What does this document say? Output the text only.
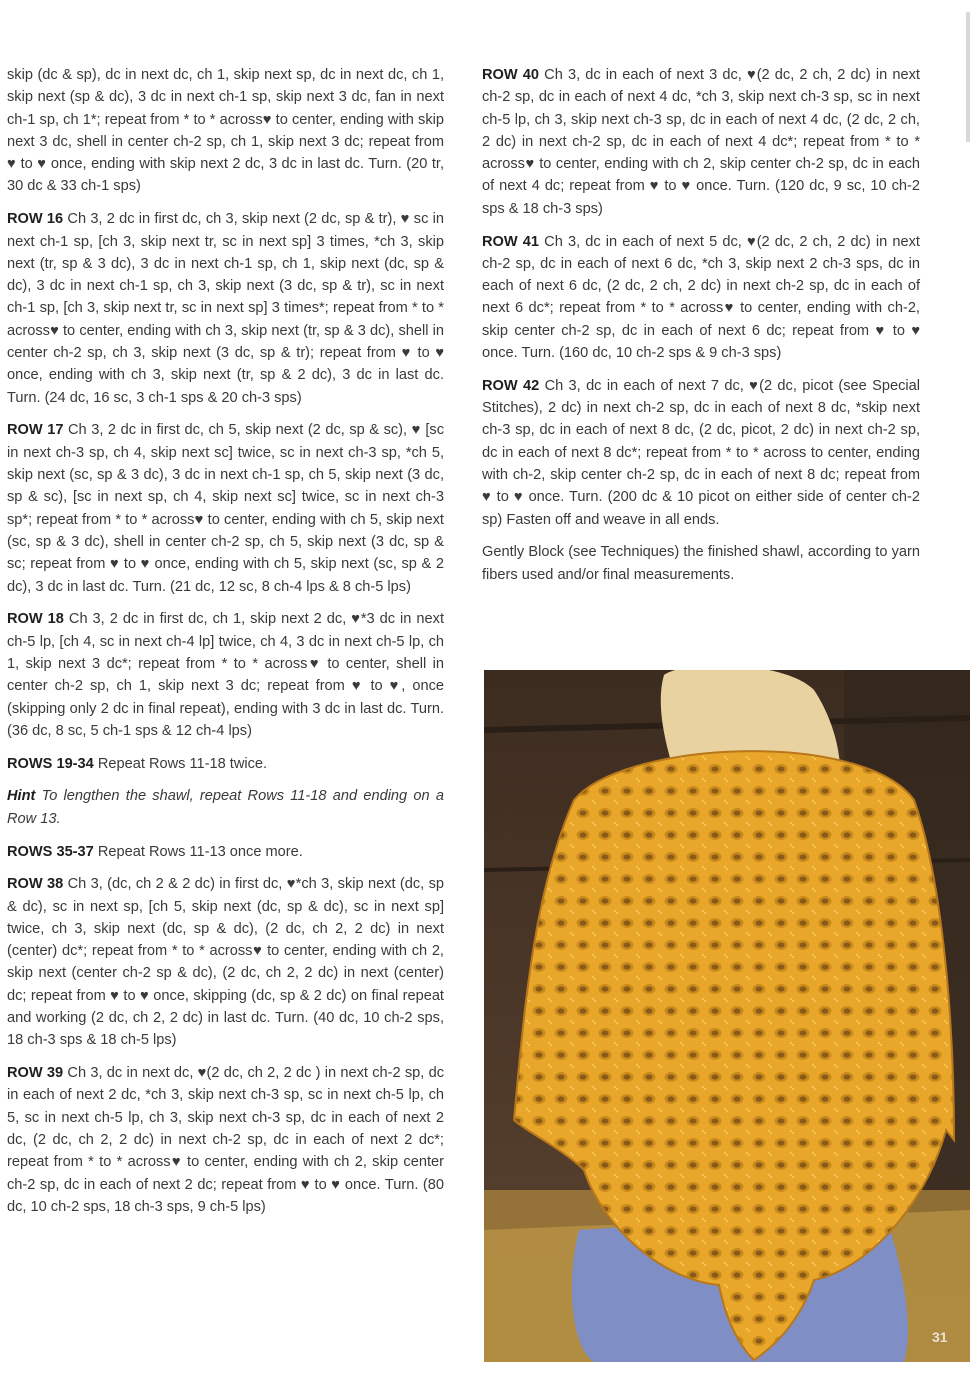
skip (dc & sp), dc in next dc, ch 1, skip next sp, dc in next dc, ch 1, skip next (sp & dc), 3 dc in next ch-1 sp, skip next 3 dc, fan in next ch-1 sp, ch 1*; repeat from * to * across♥ to center, ending with skip next 3 dc, shell in center ch-2 sp, ch 1, skip next 3 dc; repeat from ♥ to ♥ once, ending with skip next 2 dc, 3 dc in last dc. Turn. (20 tr, 30 dc & 33 ch-1 sps)

ROW 16 Ch 3, 2 dc in first dc, ch 3, skip next (2 dc, sp & tr), ♥ sc in next ch-1 sp, [ch 3, skip next tr, sc in next sp] 3 times, *ch 3, skip next (tr, sp & 3 dc), 3 dc in next ch-1 sp, ch 1, skip next (dc, sp & dc), 3 dc in next ch-1 sp, ch 3, skip next (3 dc, sp & tr), sc in next ch-1 sp, [ch 3, skip next tr, sc in next sp] 3 times*; repeat from * to * across♥ to center, ending with ch 3, skip next (tr, sp & 3 dc), shell in center ch-2 sp, ch 3, skip next (3 dc, sp & tr); repeat from ♥ to ♥ once, ending with ch 3, skip next (tr, sp & 2 dc), 3 dc in last dc. Turn. (24 dc, 16 sc, 3 ch-1 sps & 20 ch-3 sps)

ROW 17 Ch 3, 2 dc in first dc, ch 5, skip next (2 dc, sp & sc), ♥ [sc in next ch-3 sp, ch 4, skip next sc] twice, sc in next ch-3 sp, *ch 5, skip next (sc, sp & 3 dc), 3 dc in next ch-1 sp, ch 5, skip next (3 dc, sp & sc), [sc in next sp, ch 4, skip next sc] twice, sc in next ch-3 sp*; repeat from * to * across♥ to center, ending with ch 5, skip next (sc, sp & 3 dc), shell in center ch-2 sp, ch 5, skip next (3 dc, sp & sc; repeat from ♥ to ♥ once, ending with ch 5, skip next (sc, sp & 2 dc), 3 dc in last dc. Turn. (21 dc, 12 sc, 8 ch-4 lps & 8 ch-5 lps)

ROW 18 Ch 3, 2 dc in first dc, ch 1, skip next 2 dc, ♥*3 dc in next ch-5 lp, [ch 4, sc in next ch-4 lp] twice, ch 4, 3 dc in next ch-5 lp, ch 1, skip next 3 dc*; repeat from * to * across♥ to center, shell in center ch-2 sp, ch 1, skip next 3 dc; repeat from ♥ to ♥, once (skipping only 2 dc in final repeat), ending with 3 dc in last dc. Turn. (36 dc, 8 sc, 5 ch-1 sps & 12 ch-4 lps)

ROWS 19-34 Repeat Rows 11-18 twice.

Hint To lengthen the shawl, repeat Rows 11-18 and ending on a Row 13.

ROWS 35-37 Repeat Rows 11-13 once more.

ROW 38 Ch 3, (dc, ch 2 & 2 dc) in first dc, ♥*ch 3, skip next (dc, sp & dc), sc in next sp, [ch 5, skip next (dc, sp & dc), sc in next sp] twice, ch 3, skip next (dc, sp & dc), (2 dc, ch 2, 2 dc) in next (center) dc*; repeat from * to * across♥ to center, ending with ch 2, skip next (center ch-2 sp & dc), (2 dc, ch 2, 2 dc) in next (center) dc; repeat from ♥ to ♥ once, skipping (dc, sp & 2 dc) on final repeat and working (2 dc, ch 2, 2 dc) in last dc. Turn. (40 dc, 10 ch-2 sps, 18 ch-3 sps & 18 ch-5 lps)

ROW 39 Ch 3, dc in next dc, ♥(2 dc, ch 2, 2 dc ) in next ch-2 sp, dc in each of next 2 dc, *ch 3, skip next ch-3 sp, sc in next ch-5 lp, ch 5, sc in next ch-5 lp, ch 3, skip next ch-3 sp, dc in each of next 2 dc, (2 dc, ch 2, 2 dc) in next ch-2 sp, dc in each of next 2 dc*; repeat from * to * across♥ to center, ending with ch 2, skip center ch-2 sp, dc in each of next 2 dc; repeat from ♥ to ♥ once. Turn. (80 dc, 10 ch-2 sps, 18 ch-3 sps, 9 ch-5 lps)

ROW 40 Ch 3, dc in each of next 3 dc, ♥(2 dc, 2 ch, 2 dc) in next ch-2 sp, dc in each of next 4 dc, *ch 3, skip next ch-3 sp, sc in next ch-5 lp, ch 3, skip next ch-3 sp, dc in each of next 4 dc, (2 dc, 2 ch, 2 dc) in next ch-2 sp, dc in each of next 4 dc*; repeat from * to * across♥ to center, ending with ch 2, skip center ch-2 sp, dc in each of next 4 dc; repeat from ♥ to ♥ once. Turn. (120 dc, 9 sc, 10 ch-2 sps & 18 ch-3 sps)

ROW 41 Ch 3, dc in each of next 5 dc, ♥(2 dc, 2 ch, 2 dc) in next ch-2 sp, dc in each of next 6 dc, *ch 3, skip next 2 ch-3 sps, dc in each of next 6 dc, (2 dc, 2 ch, 2 dc) in next ch-2 sp, dc in each of next 6 dc*; repeat from * to * across♥ to center, ending with ch-2, skip center ch-2 sp, dc in each of next 6 dc; repeat from ♥ to ♥ once. Turn. (160 dc, 10 ch-2 sps & 9 ch-3 sps)

ROW 42 Ch 3, dc in each of next 7 dc, ♥(2 dc, picot (see Special Stitches), 2 dc) in next ch-2 sp, dc in each of next 8 dc, *skip next ch-3 sp, dc in each of next 8 dc, (2 dc, picot, 2 dc) in next ch-2 sp, dc in each of next 8 dc*; repeat from * to * across to center, ending with ch-2, skip center ch-2 sp, dc in each of next 8 dc; repeat from ♥ to ♥ once. Turn. (200 dc & 10 picot on either side of center ch-2 sp) Fasten off and weave in all ends.

Gently Block (see Techniques) the finished shawl, according to yarn fibers used and/or final measurements.

31
